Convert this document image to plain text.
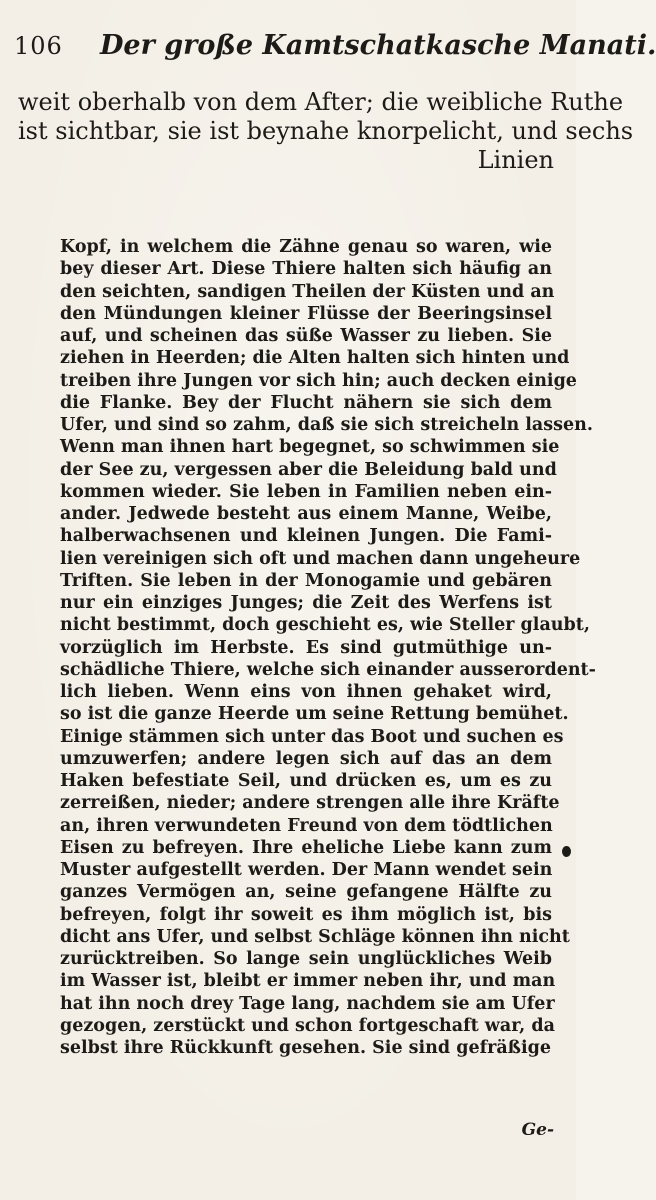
106 Der große Kamtschatkasche Manati.
weit oberhalb von dem After; die weibliche Ruthe
ist sichtbar, sie ist beynahe knorpelicht, und sechs
Linien
Kopf, in welchem die Zähne genau so waren, wie
bey dieser Art. Diese Thiere halten sich häufig an
den seichten, sandigen Theilen der Küsten und an
den Mündungen kleiner Flüsse der Beeringsinsel
auf, und scheinen das süße Wasser zu lieben. Sie
ziehen in Heerden; die Alten halten sich hinten und
treiben ihre Jungen vor sich hin; auch decken einige
die Flanke. Bey der Flucht nähern sie sich dem
Ufer, und sind so zahm, daß sie sich streicheln lassen.
Wenn man ihnen hart begegnet, so schwimmen sie
der See zu, vergessen aber die Beleidung bald und
kommen wieder. Sie leben in Familien neben ein-
ander. Jedwede besteht aus einem Manne, Weibe,
halberwachsenen und kleinen Jungen. Die Fami-
lien vereinigen sich oft und machen dann ungeheure
Triften. Sie leben in der Monogamie und gebären
nur ein einziges Junges; die Zeit des Werfens ist
nicht bestimmt, doch geschieht es, wie Steller glaubt,
vorzüglich im Herbste. Es sind gutmüthige un-
schädliche Thiere, welche sich einander ausserordent-
lich lieben. Wenn eins von ihnen gehaket wird,
so ist die ganze Heerde um seine Rettung bemühet.
Einige stämmen sich unter das Boot und suchen es
umzuwerfen; andere legen sich auf das an dem
Haken befestiate Seil, und drücken es, um es zu
zerreißen, nieder; andere strengen alle ihre Kräfte
an, ihren verwundeten Freund von dem tödtlichen
Eisen zu befreyen. Ihre eheliche Liebe kann zum
Muster aufgestellt werden. Der Mann wendet sein
ganzes Vermögen an, seine gefangene Hälfte zu
befreyen, folgt ihr soweit es ihm möglich ist, bis
dicht ans Ufer, und selbst Schläge können ihn nicht
zurücktreiben. So lange sein unglückliches Weib
im Wasser ist, bleibt er immer neben ihr, und man
hat ihn noch drey Tage lang, nachdem sie am Ufer
gezogen, zerstückt und schon fortgeschaft war, da
selbst ihre Rückkunft gesehen. Sie sind gefräßige
Ge-
